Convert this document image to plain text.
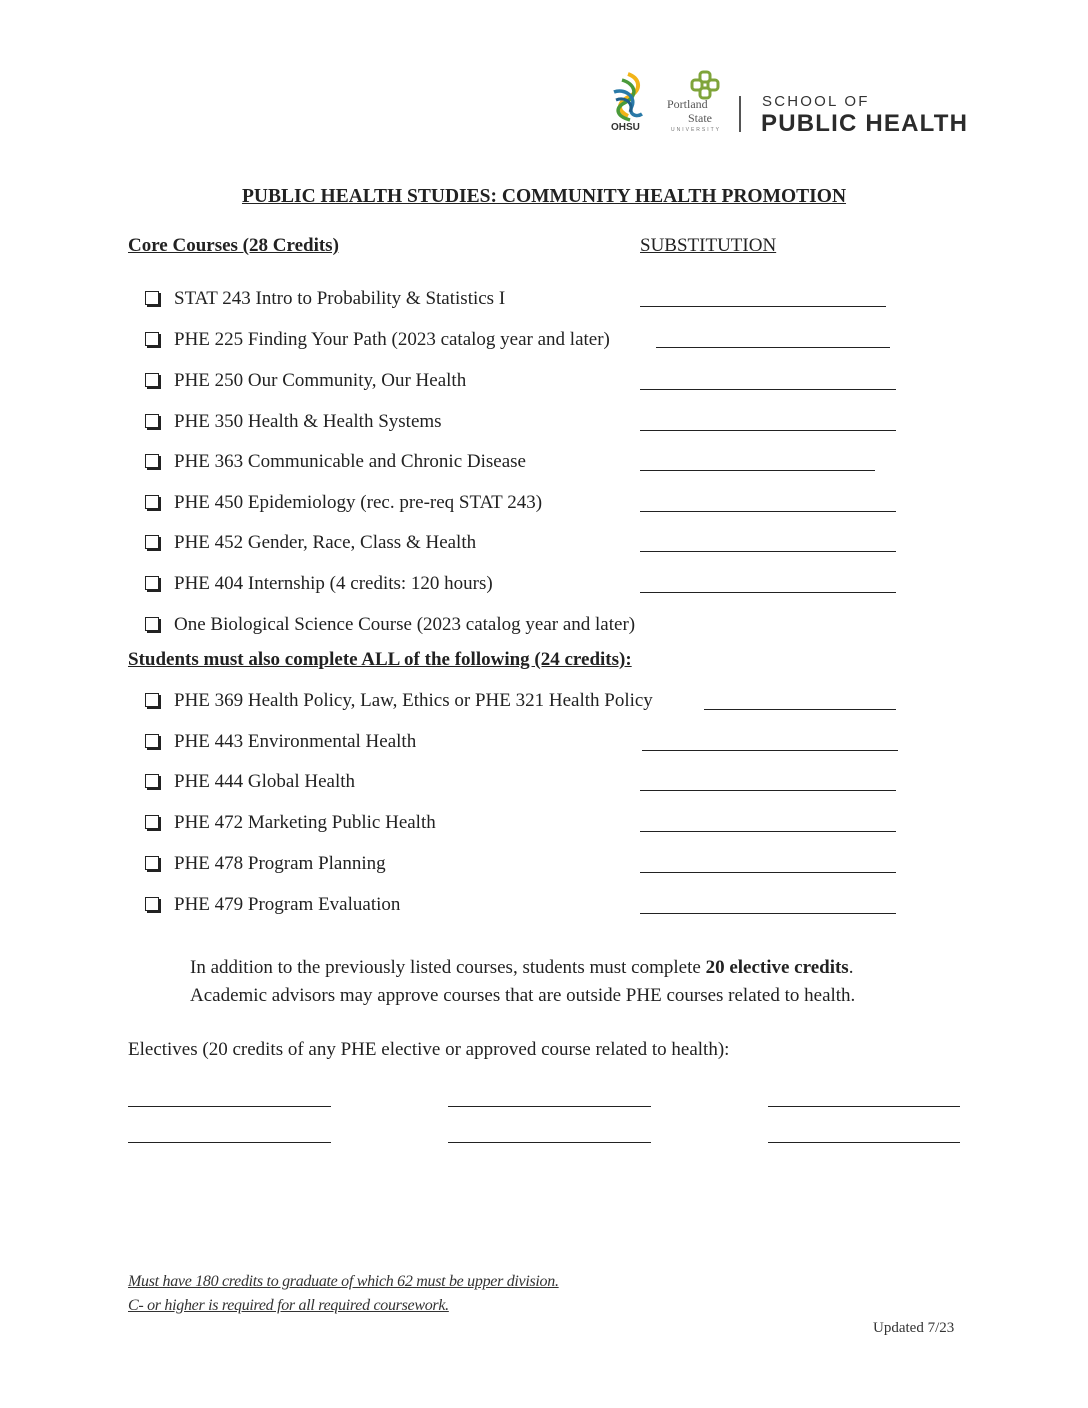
OHSU
Portland
State
UNIVERSITY
SCHOOL OF
PUBLIC HEALTH
PUBLIC HEALTH STUDIES: COMMUNITY HEALTH PROMOTION
Core Courses (28 Credits)	SUBSTITUTION
STAT 243 Intro to Probability & Statistics I
PHE 225 Finding Your Path (2023 catalog year and later)
PHE 250 Our Community, Our Health
PHE 350 Health & Health Systems
PHE 363 Communicable and Chronic Disease
PHE 450 Epidemiology (rec. pre-req STAT 243)
PHE 452 Gender, Race, Class & Health
PHE 404 Internship (4 credits: 120 hours)
One Biological Science Course (2023 catalog year and later)
Students must also complete ALL of the following (24 credits):
PHE 369 Health Policy, Law, Ethics or PHE 321 Health Policy
PHE 443 Environmental Health
PHE 444 Global Health
PHE 472 Marketing Public Health
PHE 478 Program Planning
PHE 479 Program Evaluation
In addition to the previously listed courses, students must complete 20 elective credits.
Academic advisors may approve courses that are outside PHE courses related to health.
Electives (20 credits of any PHE elective or approved course related to health):
Must have 180 credits to graduate of which 62 must be upper division.
C- or higher is required for all required coursework.
Updated 7/23
